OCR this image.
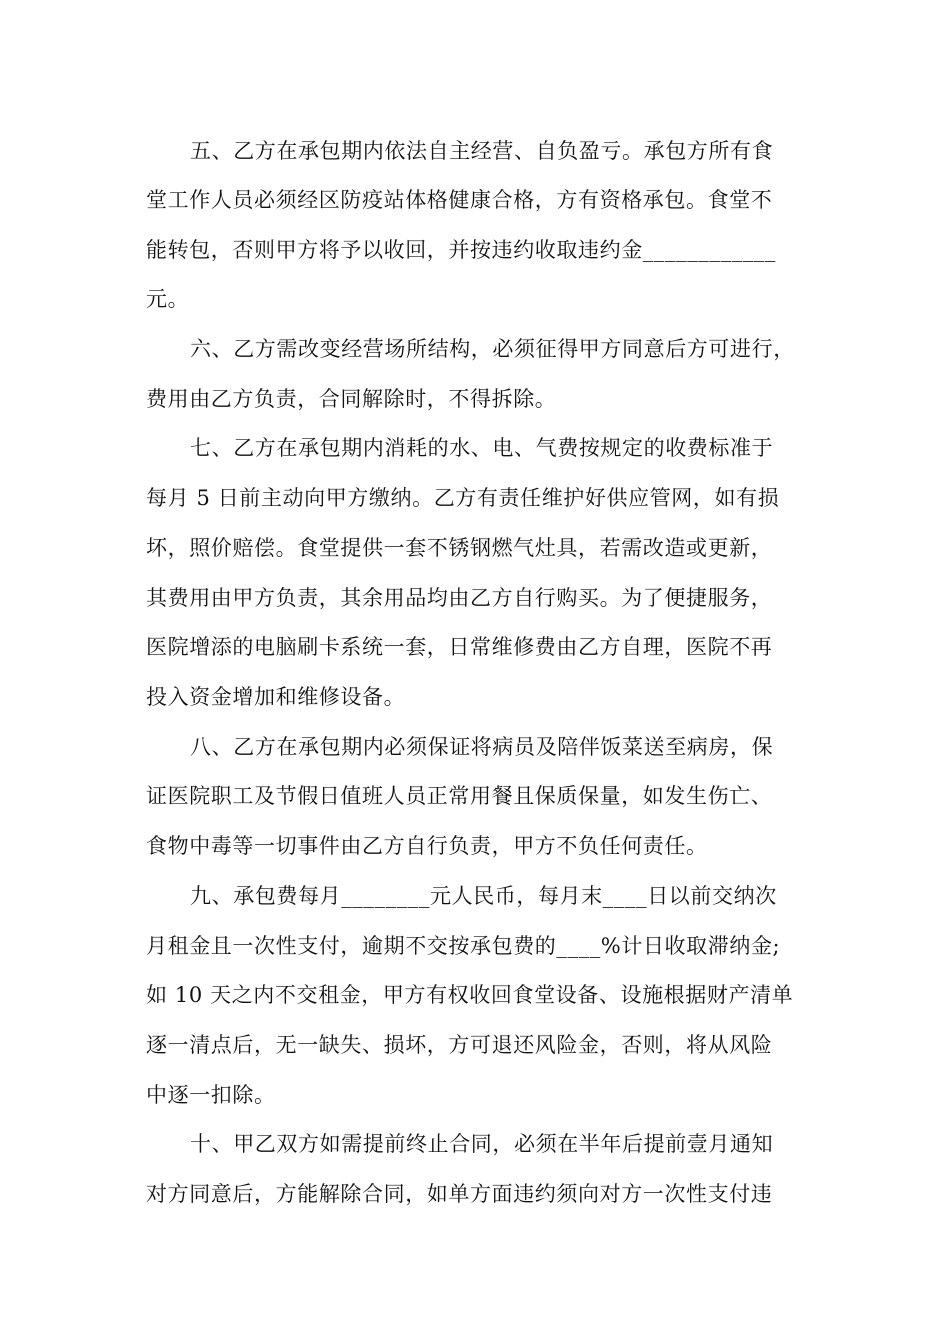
五、乙方在承包期内依法自主经营、自负盈亏。承包方所有食
堂工作人员必须经区防疫站体格健康合格，方有资格承包。食堂不
能转包，否则甲方将予以收回，并按违约收取违约金____________
元。
六、乙方需改变经营场所结构，必须征得甲方同意后方可进行，
费用由乙方负责，合同解除时，不得拆除。
七、乙方在承包期内消耗的水、电、气费按规定的收费标准于
每月 5 日前主动向甲方缴纳。乙方有责任维护好供应管网，如有损
坏，照价赔偿。食堂提供一套不锈钢燃气灶具，若需改造或更新，
其费用由甲方负责，其余用品均由乙方自行购买。为了便捷服务，
医院增添的电脑刷卡系统一套，日常维修费由乙方自理，医院不再
投入资金增加和维修设备。
八、乙方在承包期内必须保证将病员及陪伴饭菜送至病房，保
证医院职工及节假日值班人员正常用餐且保质保量，如发生伤亡、
食物中毒等一切事件由乙方自行负责，甲方不负任何责任。
九、承包费每月________元人民币，每月末____日以前交纳次
月租金且一次性支付，逾期不交按承包费的____%计日收取滞纳金;
如 10 天之内不交租金，甲方有权收回食堂设备、设施根据财产清单
逐一清点后，无一缺失、损坏，方可退还风险金，否则，将从风险
中逐一扣除。
十、甲乙双方如需提前终止合同，必须在半年后提前壹月通知
对方同意后，方能解除合同，如单方面违约须向对方一次性支付违
